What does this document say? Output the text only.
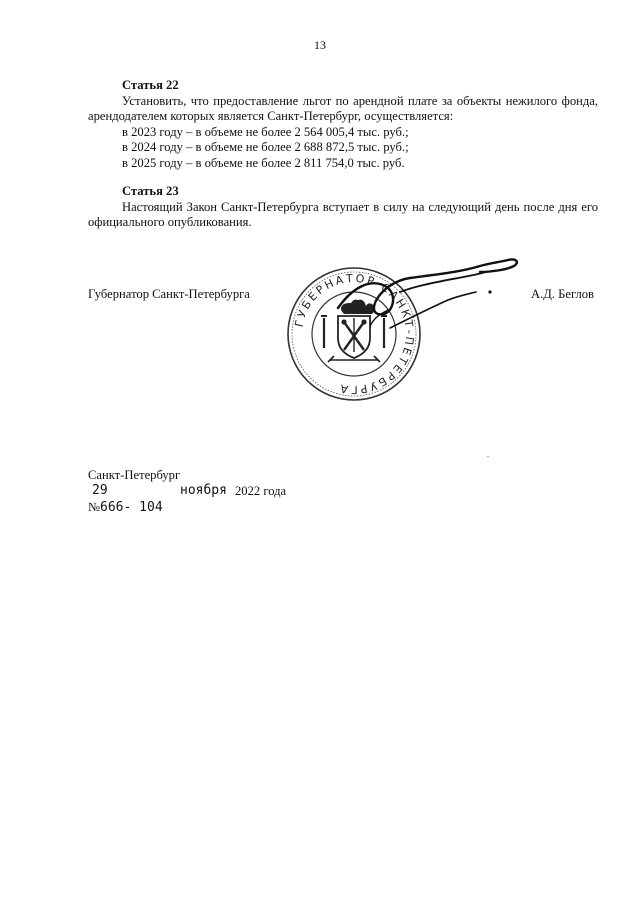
13
Статья 22

Установить, что предоставление льгот по арендной плате за объекты нежилого фонда, арендодателем которых является Санкт-Петербург, осуществляется:

в 2023 году – в объеме не более 2 564 005,4 тыс. руб.;

в 2024 году – в объеме не более 2 688 872,5 тыс. руб.;

в 2025 году – в объеме не более 2 811 754,0 тыс. руб.

Статья 23

Настоящий Закон Санкт-Петербурга вступает в силу на следующий день после дня его официального опубликования.

Губернатор Санкт-Петербурга	А.Д. Беглов
ГУБЕРНАТОР САНКТ-ПЕТЕРБУРГА
Санкт-Петербург
29	ноября 2022 года
№666- 104
